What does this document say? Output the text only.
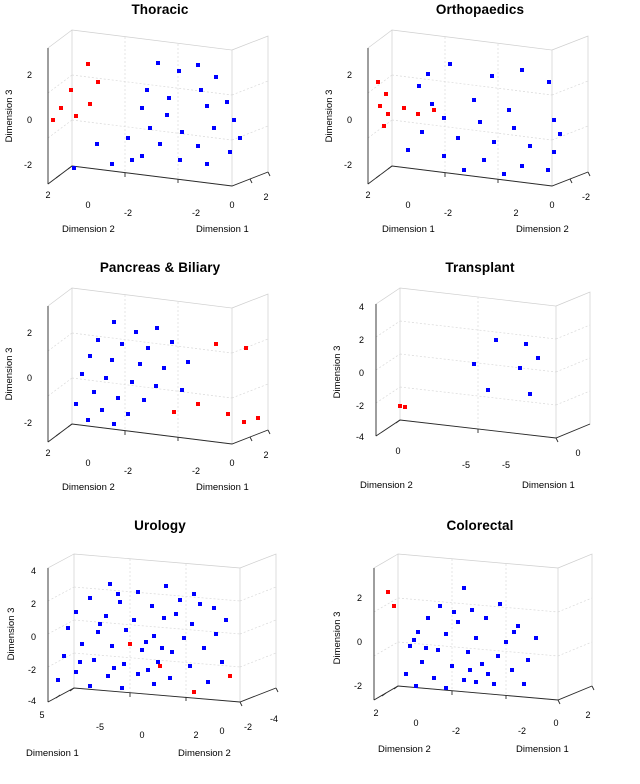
Thoracic
2
0
-2
Dimension 3
2
0
-2
Dimension 2
-2
0
2
Dimension 1
Orthopaedics
2
0
-2
Dimension 3
2
0
-2
Dimension 1
2
0
-2
Dimension 2
Pancreas & Biliary
2
0
-2
Dimension 3
2
0
-2
Dimension 2
-2
0
2
Dimension 1
Transplant
4
2
0
-2
-4
Dimension 3
0
-5
Dimension 2
-5
0
Dimension 1
Urology
4
2
0
-2
-4
Dimension 3
5
-5
0
Dimension 1
2 0 -2
-4
Dimension 2
Colorectal
2
0
-2
Dimension 3
2
0
-2
Dimension 2
-2
0
2
Dimension 1
